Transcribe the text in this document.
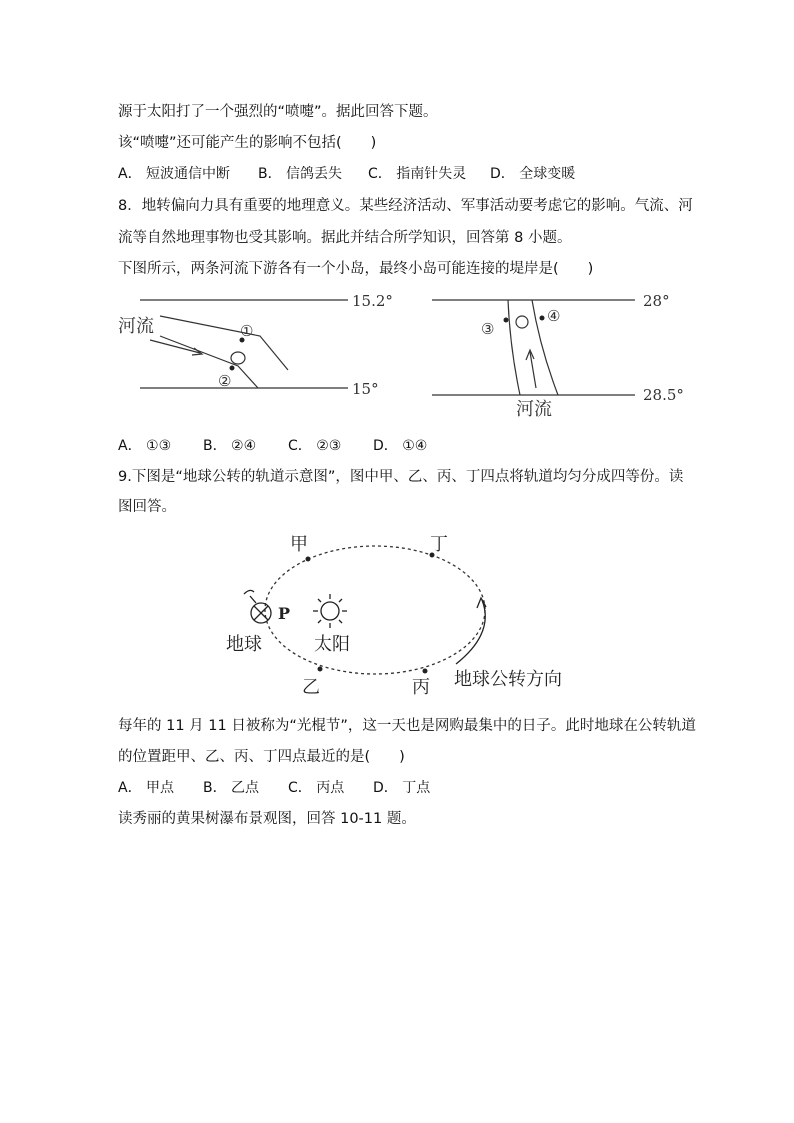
源于太阳打了一个强烈的“喷嚏”。据此回答下题。
该“喷嚏”还可能产生的影响不包括(　　)
A． 短波通信中断 B． 信鸽丢失 C． 指南针失灵 D． 全球变暖
8．地转偏向力具有重要的地理意义。某些经济活动、军事活动要考虑它的影响。气流、河
流等自然地理事物也受其影响。据此并结合所学知识，回答第 8 小题。
下图所示，两条河流下游各有一个小岛，最终小岛可能连接的堤岸是(　　)
15.2°
15°
河流	①
②
28°
28.5°
河流
③
④
A． ①③ B． ②④ C． ②③ D． ①④
9.下图是“地球公转的轨道示意图”，图中甲、乙、丙、丁四点将轨道均匀分成四等份。读
图回答。
甲	丁
乙	丙
地球	太阳
P
地球公转方向
每年的 11 月 11 日被称为“光棍节”，这一天也是网购最集中的日子。此时地球在公转轨道
的位置距甲、乙、丙、丁四点最近的是(　　)
A． 甲点 B． 乙点 C． 丙点 D． 丁点
读秀丽的黄果树瀑布景观图，回答 10-11 题。
